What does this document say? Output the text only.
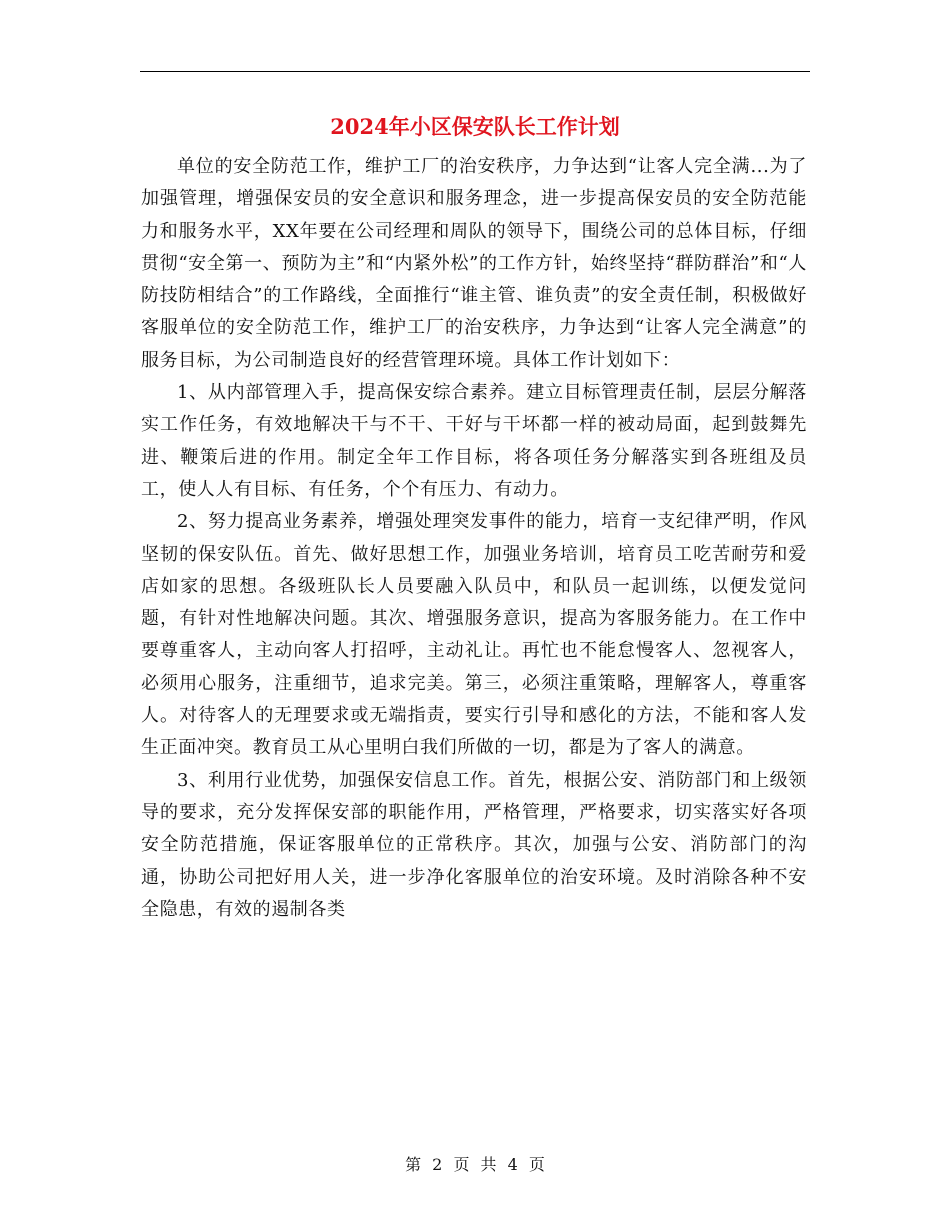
2024年小区保安队长工作计划

单位的安全防范工作，维护工厂的治安秩序，力争达到“让客人完全满...为了加强管理，增强保安员的安全意识和服务理念，进一步提高保安员的安全防范能力和服务水平，XX年要在公司经理和周队的领导下，围绕公司的总体目标，仔细贯彻“安全第一、预防为主”和“内紧外松”的工作方针，始终坚持“群防群治”和“人防技防相结合”的工作路线，全面推行“谁主管、谁负责”的安全责任制，积极做好客服单位的安全防范工作，维护工厂的治安秩序，力争达到“让客人完全满意”的服务目标，为公司制造良好的经营管理环境。具体工作计划如下：

1、从内部管理入手，提高保安综合素养。建立目标管理责任制，层层分解落实工作任务，有效地解决干与不干、干好与干坏都一样的被动局面，起到鼓舞先进、鞭策后进的作用。制定全年工作目标，将各项任务分解落实到各班组及员工，使人人有目标、有任务，个个有压力、有动力。

2、努力提高业务素养，增强处理突发事件的能力，培育一支纪律严明，作风坚韧的保安队伍。首先、做好思想工作，加强业务培训，培育员工吃苦耐劳和爱店如家的思想。各级班队长人员要融入队员中，和队员一起训练，以便发觉问题，有针对性地解决问题。其次、增强服务意识，提高为客服务能力。在工作中要尊重客人，主动向客人打招呼，主动礼让。再忙也不能怠慢客人、忽视客人，必须用心服务，注重细节，追求完美。第三，必须注重策略，理解客人，尊重客人。对待客人的无理要求或无端指责，要实行引导和感化的方法，不能和客人发生正面冲突。教育员工从心里明白我们所做的一切，都是为了客人的满意。

3、利用行业优势，加强保安信息工作。首先，根据公安、消防部门和上级领导的要求，充分发挥保安部的职能作用，严格管理，严格要求，切实落实好各项安全防范措施，保证客服单位的正常秩序。其次，加强与公安、消防部门的沟通，协助公司把好用人关，进一步净化客服单位的治安环境。及时消除各种不安全隐患，有效的遏制各类

第 2 页 共 4 页
